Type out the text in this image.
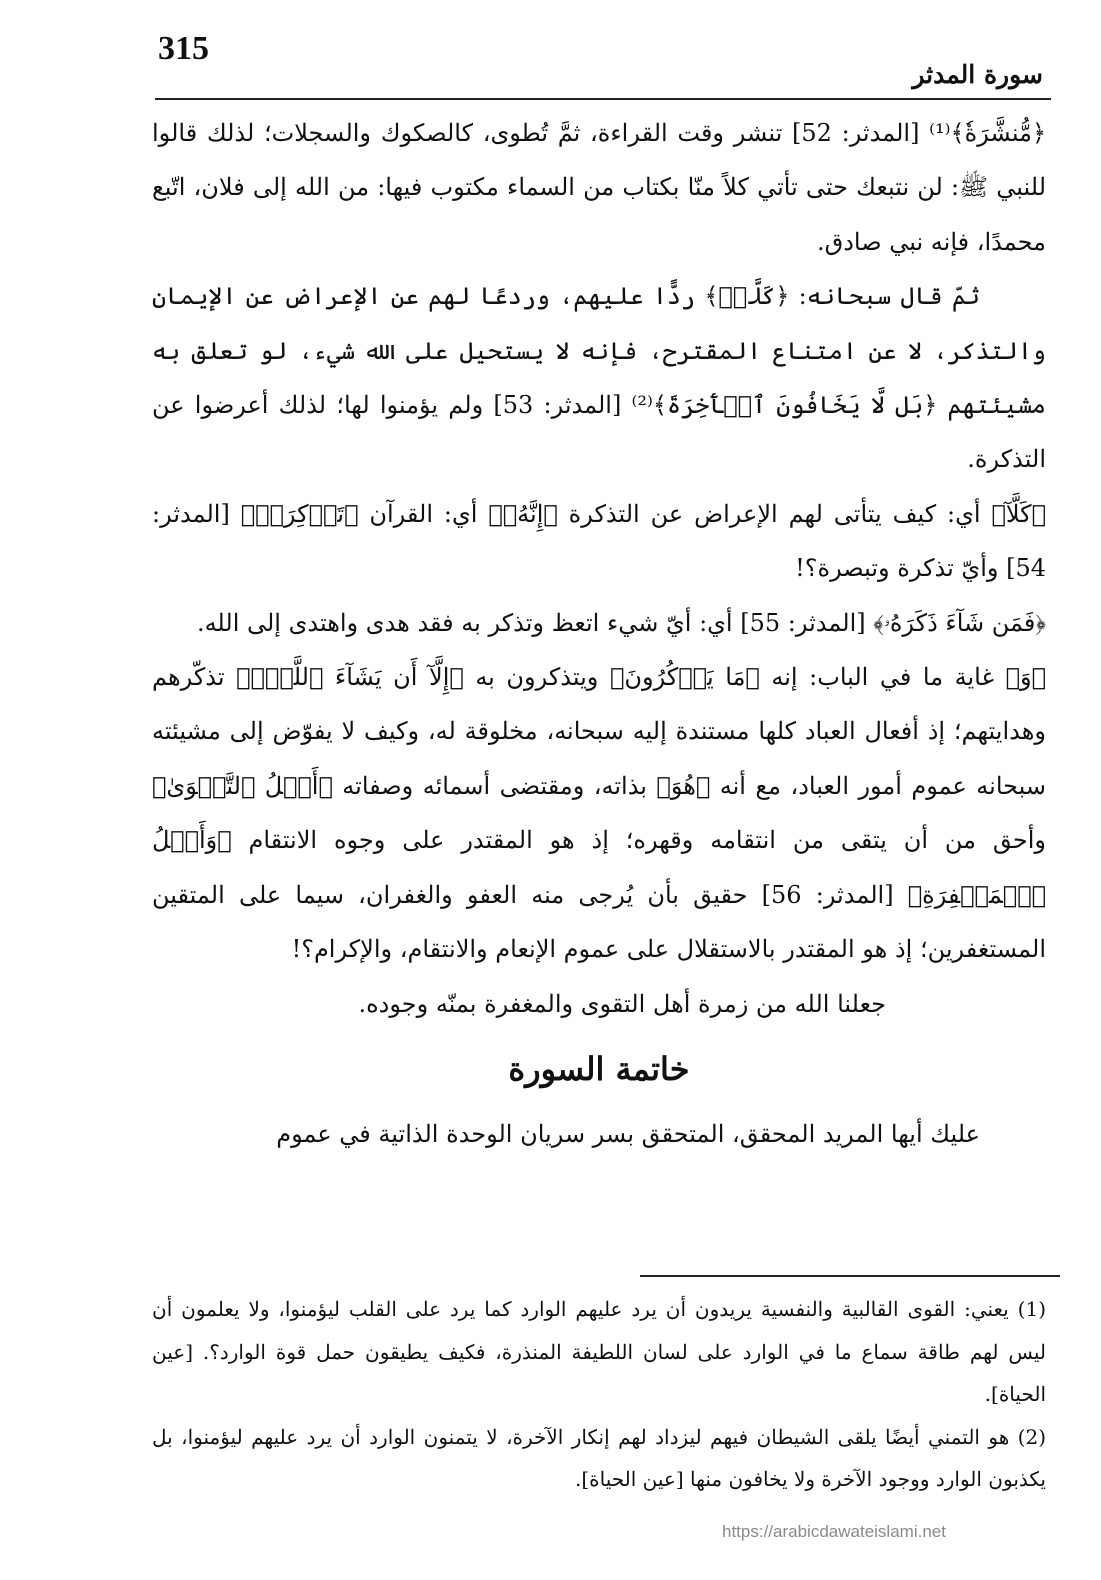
315
سورة المدثر

﴿مُّنشَّرَةٗ﴾⁽¹⁾ [المدثر: 52] تنشر وقت القراءة، ثمَّ تُطوى، كالصكوك والسجلات؛ لذلك قالوا للنبي ﷺ: لن نتبعك حتى تأتي كلاً منّا بكتاب من السماء مكتوب فيها: من الله إلى فلان، اتّبع محمدًا، فإنه نبي صادق.

ثمّ قال سبحانه: ﴿كَلَّاۖ﴾ ردًّا عليهم، وردعًا لهم عن الإعراض عن الإيمان والتذكر، لا عن امتناع المقترح، فإنه لا يستحيل على الله شيء، لو تعلق به مشيئتهم ﴿بَل لَّا يَخَافُونَ ٱلۡأٓخِرَةَ﴾⁽²⁾ [المدثر: 53] ولم يؤمنوا لها؛ لذلك أعرضوا عن التذكرة.

﴿كَلَّآ﴾ أي: كيف يتأتى لهم الإعراض عن التذكرة ﴿إِنَّهُۥ﴾ أي: القرآن ﴿تَذۡكِرَةٞ﴾ [المدثر: 54] وأيّ تذكرة وتبصرة؟!

﴿فَمَن شَآءَ ذَكَرَهُۥ﴾ [المدثر: 55] أي: أيّ شيء اتعظ وتذكر به فقد هدى واهتدى إلى الله.

﴿وَ﴾ غاية ما في الباب: إنه ﴿مَا يَذۡكُرُونَ﴾ ويتذكرون به ﴿إِلَّآ أَن يَشَآءَ ٱللَّهُۚ﴾ تذكّرهم وهدايتهم؛ إذ أفعال العباد كلها مستندة إليه سبحانه، مخلوقة له، وكيف لا يفوّض إلى مشيئته سبحانه عموم أمور العباد، مع أنه ﴿هُوَ﴾ بذاته، ومقتضى أسمائه وصفاته ﴿أَهۡلُ ٱلتَّقۡوَىٰ﴾ وأحق من أن يتقى من انتقامه وقهره؛ إذ هو المقتدر على وجوه الانتقام ﴿وَأَهۡلُ ٱلۡمَغۡفِرَةِ﴾ [المدثر: 56] حقيق بأن يُرجى منه العفو والغفران، سيما على المتقين المستغفرين؛ إذ هو المقتدر بالاستقلال على عموم الإنعام والانتقام، والإكرام؟!

جعلنا الله من زمرة أهل التقوى والمغفرة بمنّه وجوده.

خاتمة السورة

عليك أيها المريد المحقق، المتحقق بسر سريان الوحدة الذاتية في عموم

(1) يعني: القوى القالبية والنفسية يريدون أن يرد عليهم الوارد كما يرد على القلب ليؤمنوا، ولا يعلمون أن ليس لهم طاقة سماع ما في الوارد على لسان اللطيفة المنذرة، فكيف يطيقون حمل قوة الوارد؟. [عين الحياة].

(2) هو التمني أيضًا يلقى الشيطان فيهم ليزداد لهم إنكار الآخرة، لا يتمنون الوارد أن يرد عليهم ليؤمنوا، بل يكذبون الوارد ووجود الآخرة ولا يخافون منها [عين الحياة].

https://arabicdawateislami.net
